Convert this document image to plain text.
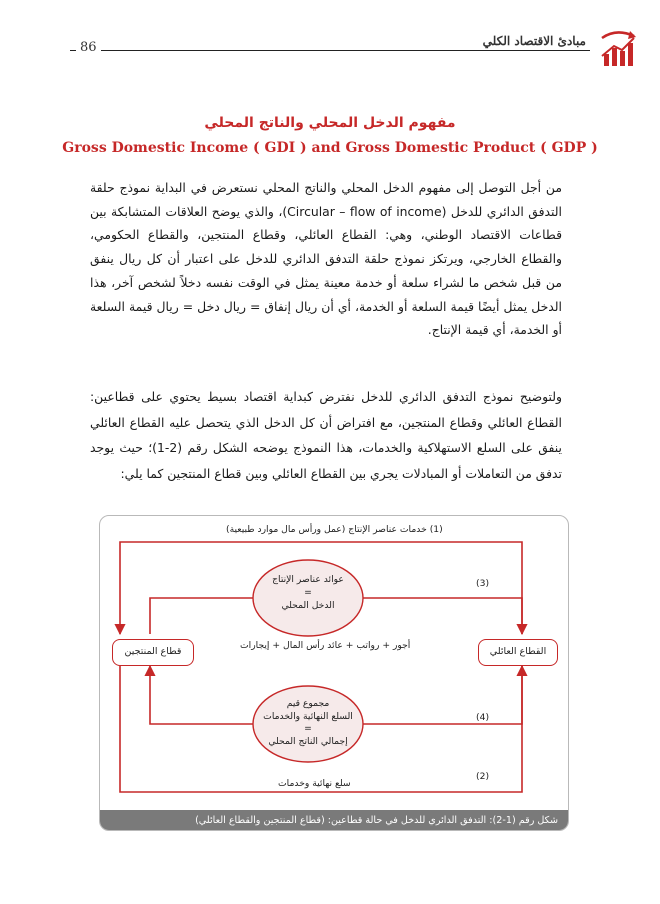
86	مبادئ الاقتصاد الكلي
مفهوم الدخل المحلي والناتج المحلي
Gross Domestic Income ( GDI ) and Gross Domestic Product ( GDP )

من أجل التوصل إلى مفهوم الدخل المحلي والناتج المحلي نستعرض في البداية نموذج حلقة التدفق الدائري للدخل (Circular – flow of income)، والذي يوضح العلاقات المتشابكة بين قطاعات الاقتصاد الوطني، وهي: القطاع العائلي، وقطاع المنتجين، والقطاع الحكومي، والقطاع الخارجي، ويرتكز نموذج حلقة التدفق الدائري للدخل على اعتبار أن كل ريال ينفق من قبل شخص ما لشراء سلعة أو خدمة معينة يمثل في الوقت نفسه دخلاً لشخص آخر، هذا الدخل يمثل أيضًا قيمة السلعة أو الخدمة، أي أن ريال إنفاق = ريال دخل = ريال قيمة السلعة أو الخدمة، أي قيمة الإنتاج.

ولتوضيح نموذج التدفق الدائري للدخل نفترض كبداية اقتصاد بسيط يحتوي على قطاعين: القطاع العائلي وقطاع المنتجين، مع افتراض أن كل الدخل الذي يتحصل عليه القطاع العائلي ينفق على السلع الاستهلاكية والخدمات، هذا النموذج يوضحه الشكل رقم (2-1)؛ حيث يوجد تدفق من التعاملات أو المبادلات يجري بين القطاع العائلي وبين قطاع المنتجين كما يلي:

(1) خدمات عناصر الإنتاج (عمل ورأس مال موارد طبيعية)
(3)
(4)
(2)
سلع نهائية وخدمات
أجور + رواتب + عائد رأس المال + إيجارات
القطاع العائلي
قطاع المنتجين
عوائد عناصر الإنتاج
=
الدخل المحلي
مجموع قيم
السلع النهائية والخدمات
=
إجمالي الناتج المحلي
شكل رقم (1-2): التدفق الدائري للدخل في حالة قطاعين: (قطاع المنتجين والقطاع العائلي)
